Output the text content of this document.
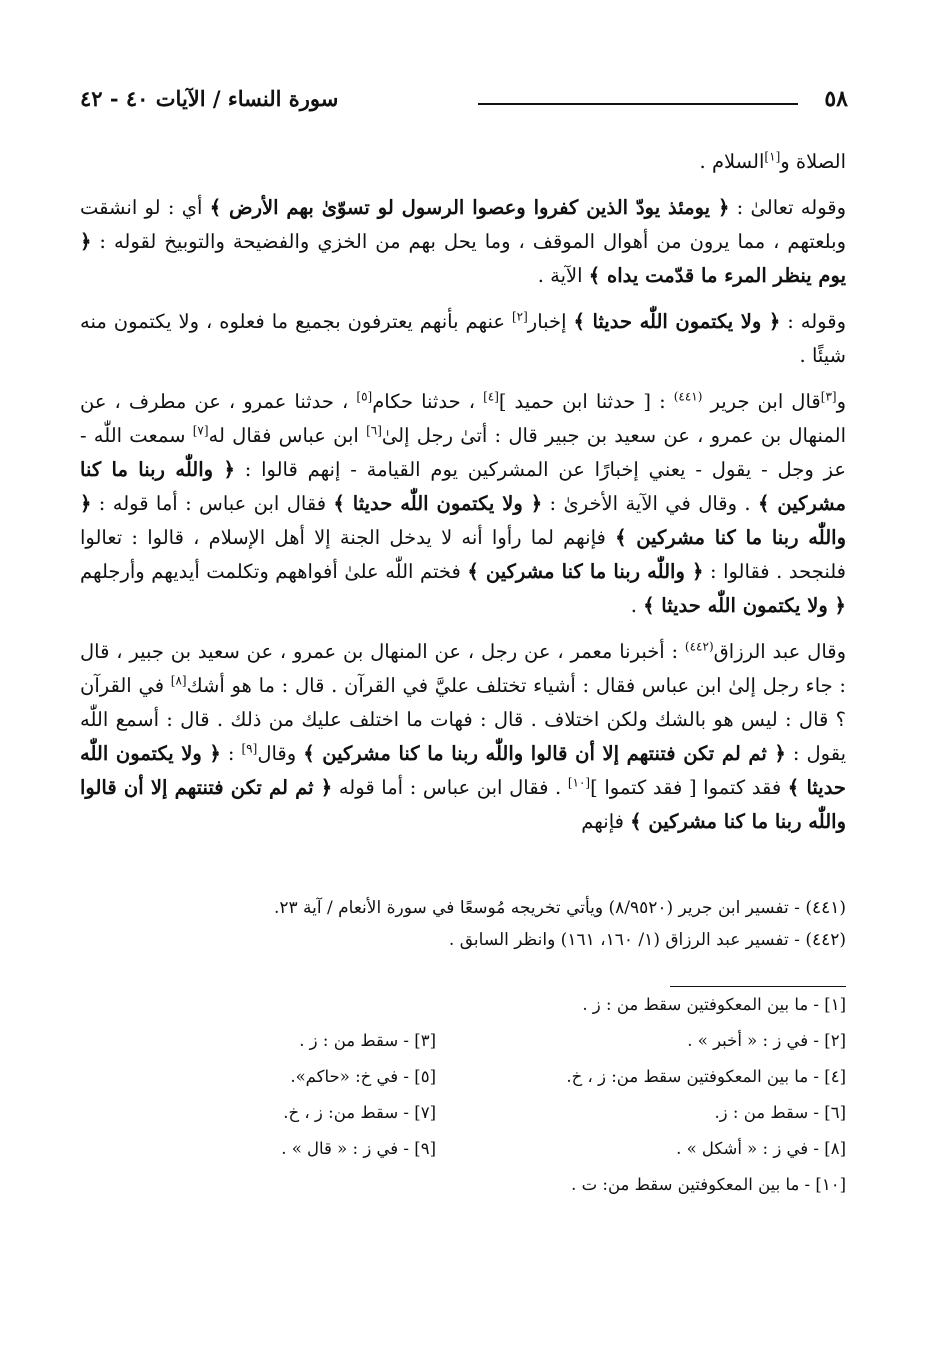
٥٨
سورة النساء / الآيات ٤٠ - ٤٢

الصلاة و[١]السلام .

وقوله تعالىٰ : ﴿ يومئذ يودّ الذين كفروا وعصوا الرسول لو تسوّىٰ بهم الأرض ﴾ أي : لو انشقت وبلعتهم ، مما يرون من أهوال الموقف ، وما يحل بهم من الخزي والفضيحة والتوبيخ لقوله : ﴿ يوم ينظر المرء ما قدّمت يداه ﴾ الآية .

وقوله : ﴿ ولا يكتمون اللّٰه حديثا ﴾ إخبار[٢] عنهم بأنهم يعترفون بجميع ما فعلوه ، ولا يكتمون منه شيئًا .

و[٣]قال ابن جرير $^{(٤٤١)}$ : [ حدثنا ابن حميد ][٤] ، حدثنا حكام[٥] ، حدثنا عمرو ، عن مطرف ، عن المنهال بن عمرو ، عن سعيد بن جبير قال : أتىٰ رجل إلىٰ[٦] ابن عباس فقال له[٧] سمعت اللّٰه - عز وجل - يقول - يعني إخبارًا عن المشركين يوم القيامة - إنهم قالوا : ﴿ واللّٰه ربنا ما كنا مشركين ﴾ . وقال في الآية الأخرىٰ : ﴿ ولا يكتمون اللّٰه حديثا ﴾ فقال ابن عباس : أما قوله : ﴿ واللّٰه ربنا ما كنا مشركين ﴾ فإنهم لما رأوا أنه لا يدخل الجنة إلا أهل الإسلام ، قالوا : تعالوا فلنجحد . فقالوا : ﴿ واللّٰه ربنا ما كنا مشركين ﴾ فختم اللّٰه علىٰ أفواههم وتكلمت أيديهم وأرجلهم ﴿ ولا يكتمون اللّٰه حديثا ﴾ .

وقال عبد الرزاق$^{(٤٤٢)}$ : أخبرنا معمر ، عن رجل ، عن المنهال بن عمرو ، عن سعيد بن جبير ، قال : جاء رجل إلىٰ ابن عباس فقال : أشياء تختلف عليَّ في القرآن . قال : ما هو أشك[٨] في القرآن ؟ قال : ليس هو بالشك ولكن اختلاف . قال : فهات ما اختلف عليك من ذلك . قال : أسمع اللّٰه يقول : ﴿ ثم لم تكن فتنتهم إلا أن قالوا واللّٰه ربنا ما كنا مشركين ﴾ وقال[٩] : ﴿ ولا يكتمون اللّٰه حديثا ﴾ فقد كتموا [ فقد كتموا ][١٠] . فقال ابن عباس : أما قوله ﴿ ثم لم تكن فتنتهم إلا أن قالوا واللّٰه ربنا ما كنا مشركين ﴾ فإنهم

(٤٤١) - تفسير ابن جرير (٨/٩٥٢٠) ويأتي تخريجه مُوسعًا في سورة الأنعام / آية ٢٣.
(٤٤٢) - تفسير عبد الرزاق (١/ ١٦٠، ١٦١) وانظر السابق .
[١] - ما بين المعكوفتين سقط من : ز .
[٢] - في ز : « أخبر » .
[٣] - سقط من : ز .
[٤] - ما بين المعكوفتين سقط من: ز ، خ.
[٥] - في خ: «حاكم».
[٦] - سقط من : ز.
[٧] - سقط من: ز ، خ.
[٨] - في ز : « أشكل » .
[٩] - في ز : « قال » .
[١٠] - ما بين المعكوفتين سقط من: ت .
